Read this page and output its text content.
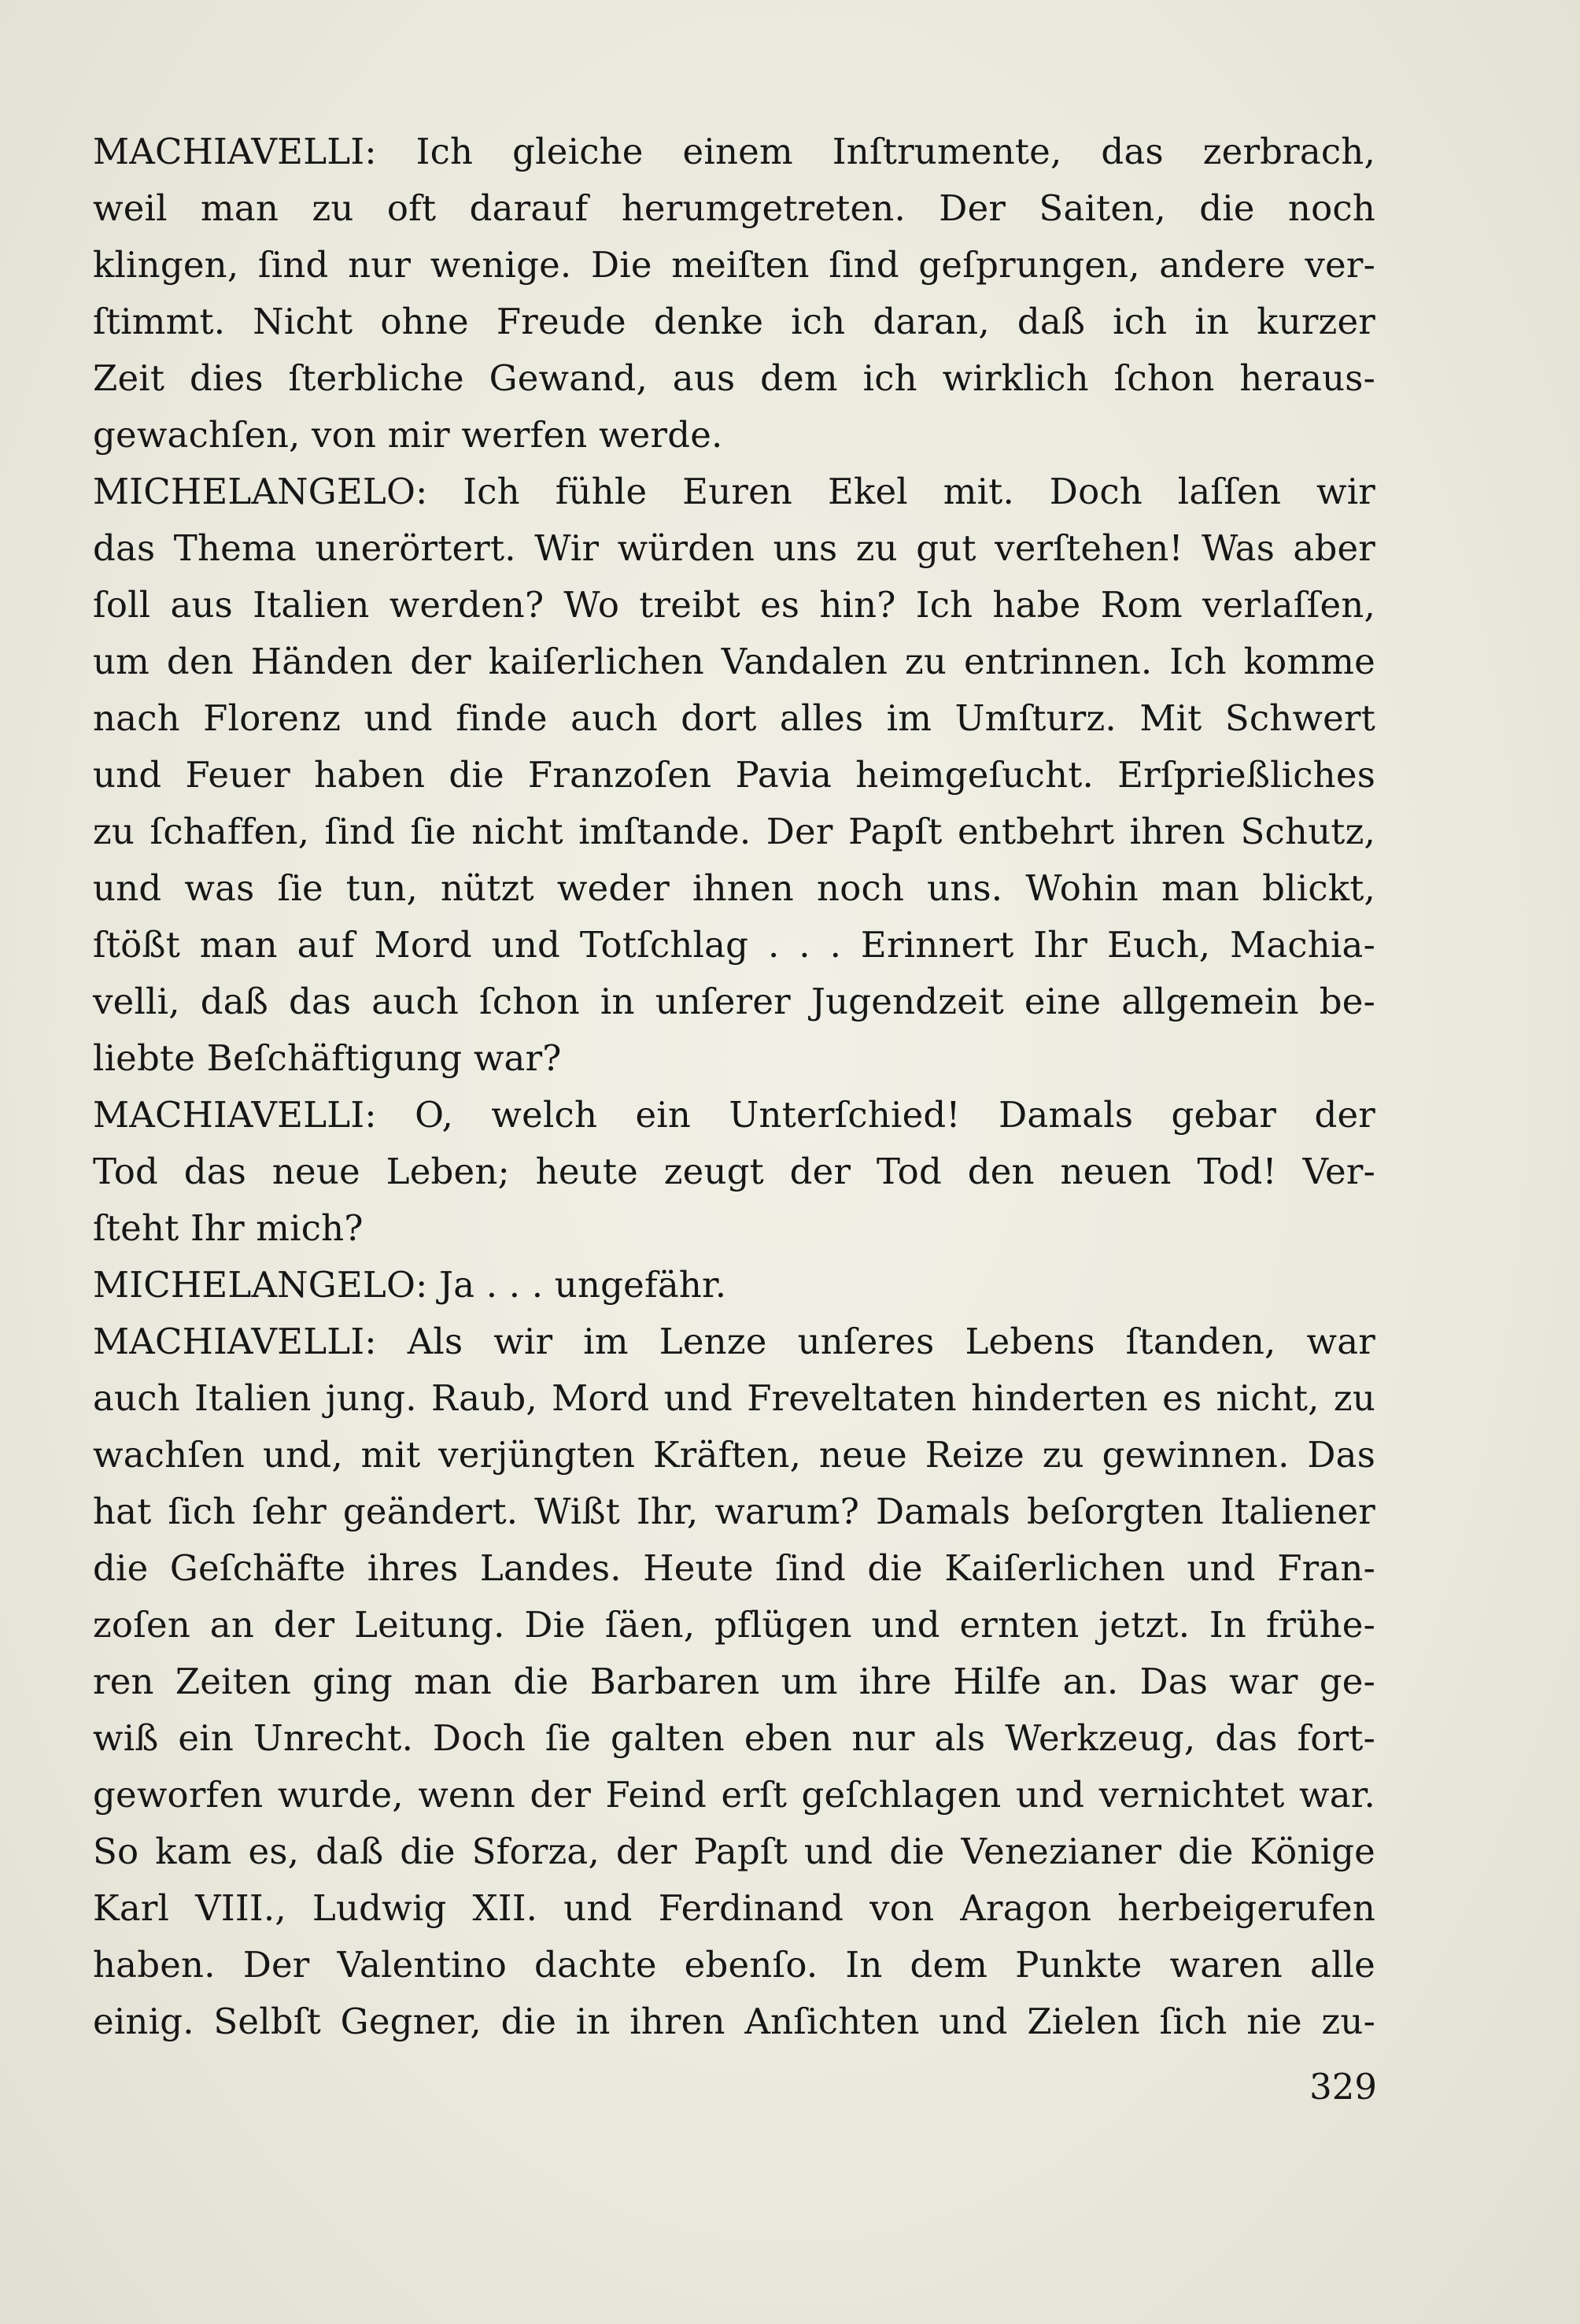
MACHIAVELLI: Ich gleiche einem Inſtrumente, das zerbrach,
weil man zu oft darauf herumgetreten. Der Saiten, die noch
klingen, ſind nur wenige. Die meiſten ſind geſprungen, andere ver-
ſtimmt. Nicht ohne Freude denke ich daran, daß ich in kurzer
Zeit dies ſterbliche Gewand, aus dem ich wirklich ſchon heraus-
gewachſen, von mir werfen werde.
MICHELANGELO: Ich fühle Euren Ekel mit. Doch laſſen wir
das Thema unerörtert. Wir würden uns zu gut verſtehen! Was aber
ſoll aus Italien werden? Wo treibt es hin? Ich habe Rom verlaſſen,
um den Händen der kaiſerlichen Vandalen zu entrinnen. Ich komme
nach Florenz und finde auch dort alles im Umſturz. Mit Schwert
und Feuer haben die Franzoſen Pavia heimgeſucht. Erſprießliches
zu ſchaffen, ſind ſie nicht imſtande. Der Papſt entbehrt ihren Schutz,
und was ſie tun, nützt weder ihnen noch uns. Wohin man blickt,
ſtößt man auf Mord und Totſchlag . . . Erinnert Ihr Euch, Machia-
velli, daß das auch ſchon in unſerer Jugendzeit eine allgemein be-
liebte Beſchäftigung war?
MACHIAVELLI: O, welch ein Unterſchied! Damals gebar der
Tod das neue Leben; heute zeugt der Tod den neuen Tod! Ver-
ſteht Ihr mich?
MICHELANGELO: Ja . . . ungefähr.
MACHIAVELLI: Als wir im Lenze unſeres Lebens ſtanden, war
auch Italien jung. Raub, Mord und Freveltaten hinderten es nicht, zu
wachſen und, mit verjüngten Kräften, neue Reize zu gewinnen. Das
hat ſich ſehr geändert. Wißt Ihr, warum? Damals beſorgten Italiener
die Geſchäfte ihres Landes. Heute ſind die Kaiſerlichen und Fran-
zoſen an der Leitung. Die ſäen, pflügen und ernten jetzt. In frühe-
ren Zeiten ging man die Barbaren um ihre Hilfe an. Das war ge-
wiß ein Unrecht. Doch ſie galten eben nur als Werkzeug, das fort-
geworfen wurde, wenn der Feind erſt geſchlagen und vernichtet war.
So kam es, daß die Sforza, der Papſt und die Venezianer die Könige
Karl VIII., Ludwig XII. und Ferdinand von Aragon herbeigerufen
haben. Der Valentino dachte ebenſo. In dem Punkte waren alle
einig. Selbſt Gegner, die in ihren Anſichten und Zielen ſich nie zu-
329
